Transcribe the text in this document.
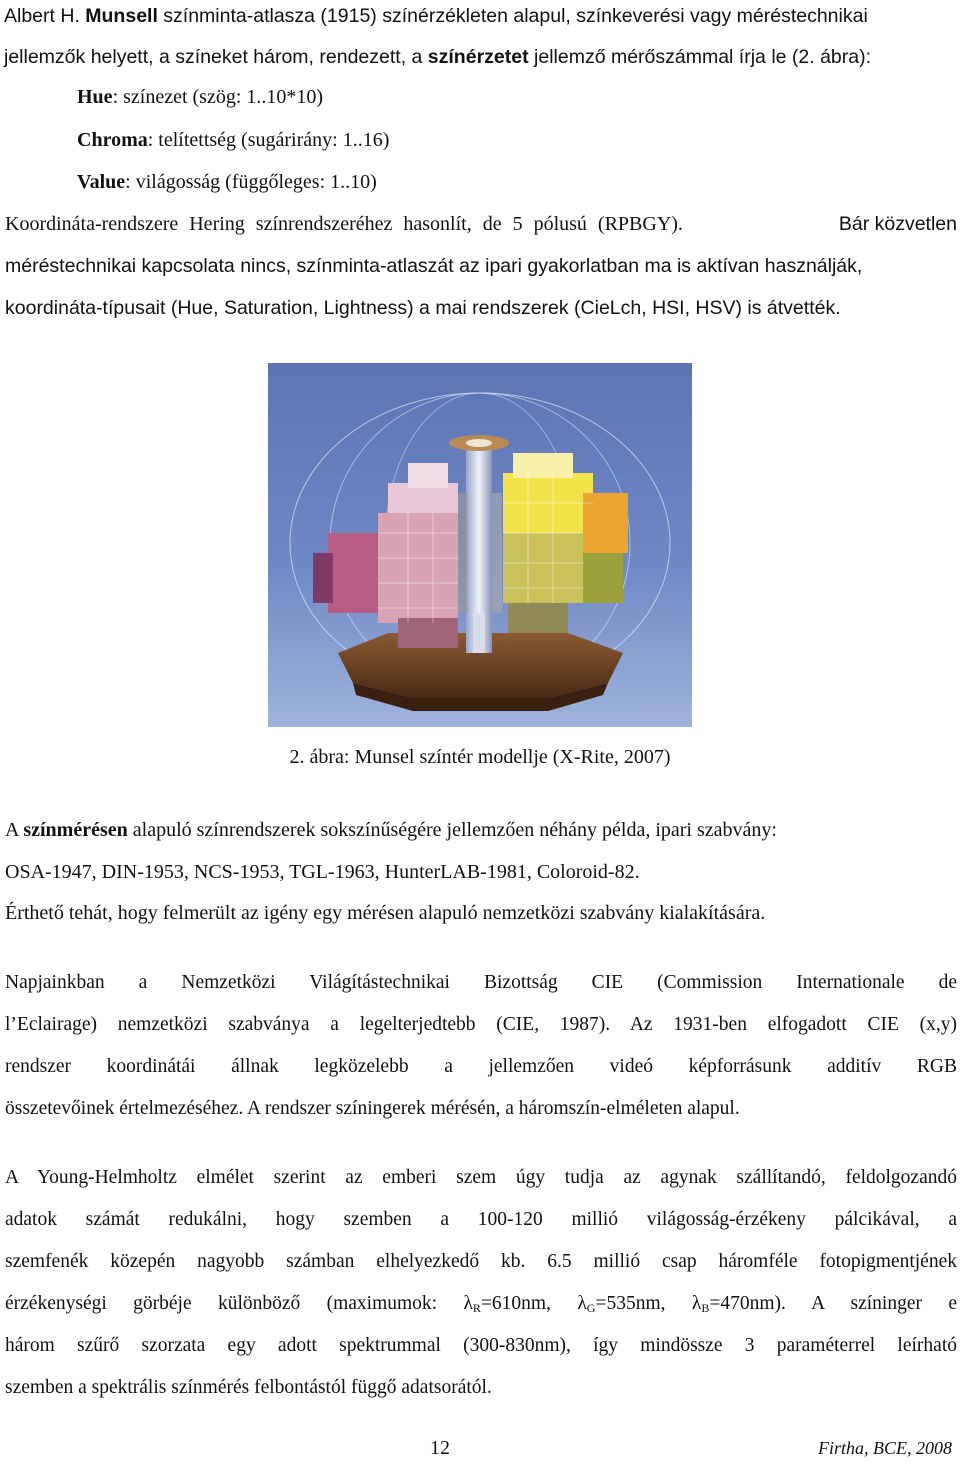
Albert H. Munsell színminta-atlasza (1915) színérzékleten alapul, színkeverési vagy méréstechnikai
jellemzők helyett, a színeket három, rendezett, a színérzetet jellemző mérőszámmal írja le (2. ábra):
Hue: színezet (szög: 1..10*10)
Chroma: telítettség (sugárirány: 1..16)
Value: világosság (függőleges: 1..10)
Koordináta-rendszere Hering színrendszeréhez hasonlít, de 5 pólusú (RPBGY).	Bár közvetlen
méréstechnikai kapcsolata nincs, színminta-atlaszát az ipari gyakorlatban ma is aktívan használják,
koordináta-típusait (Hue, Saturation, Lightness) a mai rendszerek (CieLch, HSI, HSV) is átvették.
2. ábra: Munsel színtér modellje (X-Rite, 2007)
A színmérésen alapuló színrendszerek sokszínűségére jellemzően néhány példa, ipari szabvány:
OSA-1947, DIN-1953, NCS-1953, TGL-1963, HunterLAB-1981, Coloroid-82.
Érthető tehát, hogy felmerült az igény egy mérésen alapuló nemzetközi szabvány kialakítására.
Napjainkban a Nemzetközi Világítástechnikai Bizottság CIE (Commission Internationale de
l’Eclairage) nemzetközi szabványa a legelterjedtebb (CIE, 1987). Az 1931-ben elfogadott CIE (x,y)
rendszer koordinátái állnak legközelebb a jellemzően videó képforrásunk additív RGB
összetevőinek értelmezéséhez. A rendszer színingerek mérésén, a háromszín-elméleten alapul.
A Young-Helmholtz elmélet szerint az emberi szem úgy tudja az agynak szállítandó, feldolgozandó
adatok számát redukálni, hogy szemben a 100-120 millió világosság-érzékeny pálcikával, a
szemfenék közepén nagyobb számban elhelyezkedő kb. 6.5 millió csap háromféle fotopigmentjének
érzékenységi görbéje különböző (maximumok: $\lambda_R=610nm$, $\lambda_G=535nm$, $\lambda_B=470nm$). A színinger e
három szűrő szorzata egy adott spektrummal (300-830nm), így mindössze 3 paraméterrel leírható
szemben a spektrális színmérés felbontástól függő adatsorától.
12	Firtha, BCE, 2008
